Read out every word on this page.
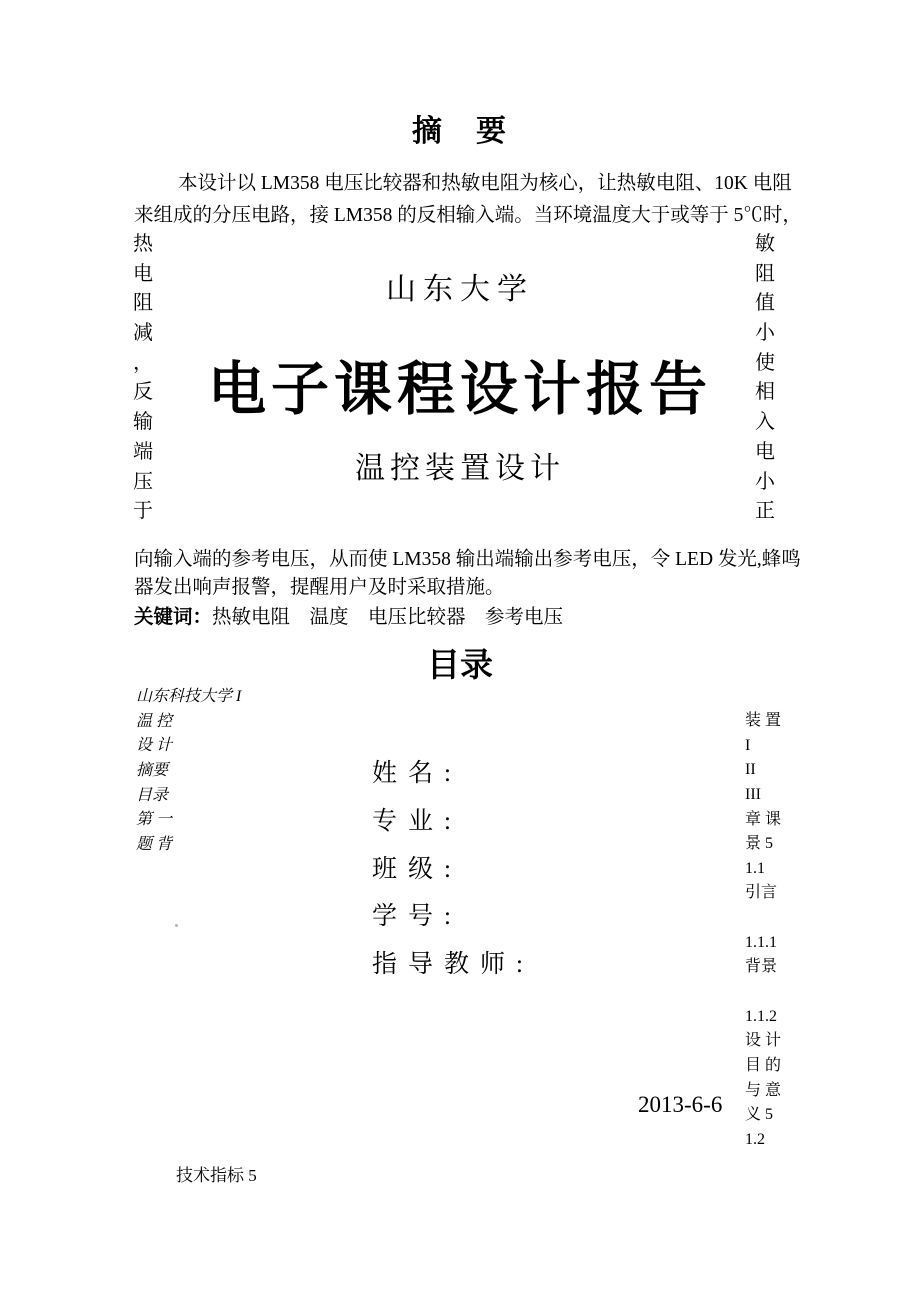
摘　要
本设计以 LM358 电压比较器和热敏电阻为核心，让热敏电阻、10K 电阻
来组成的分压电路，接 LM358 的反相输入端。当环境温度大于或等于 5℃时，
热
电
阻
减
，
反
输
端
压
于
敏
阻
值
小
使
相
入
电
小
正
山东大学
电子课程设计报告
温控装置设计
向输入端的参考电压，从而使 LM358 输出端输出参考电压，令 LED 发光,蜂鸣
器发出响声报警，提醒用户及时采取措施。
关键词：热敏电阻　温度　电压比较器　参考电压
目录
山东科技大学 I
温 控
设 计
摘要
目录
第 一
题 背
姓名:
专业:
班级:
学号:
指导教师:
装 置
I
II
III
章 课
景 5
1.1
引言
1.1.1
背景
1.1.2
设 计
目 的
与 意
义 5
1.2
2013-6-6
技术指标 5
